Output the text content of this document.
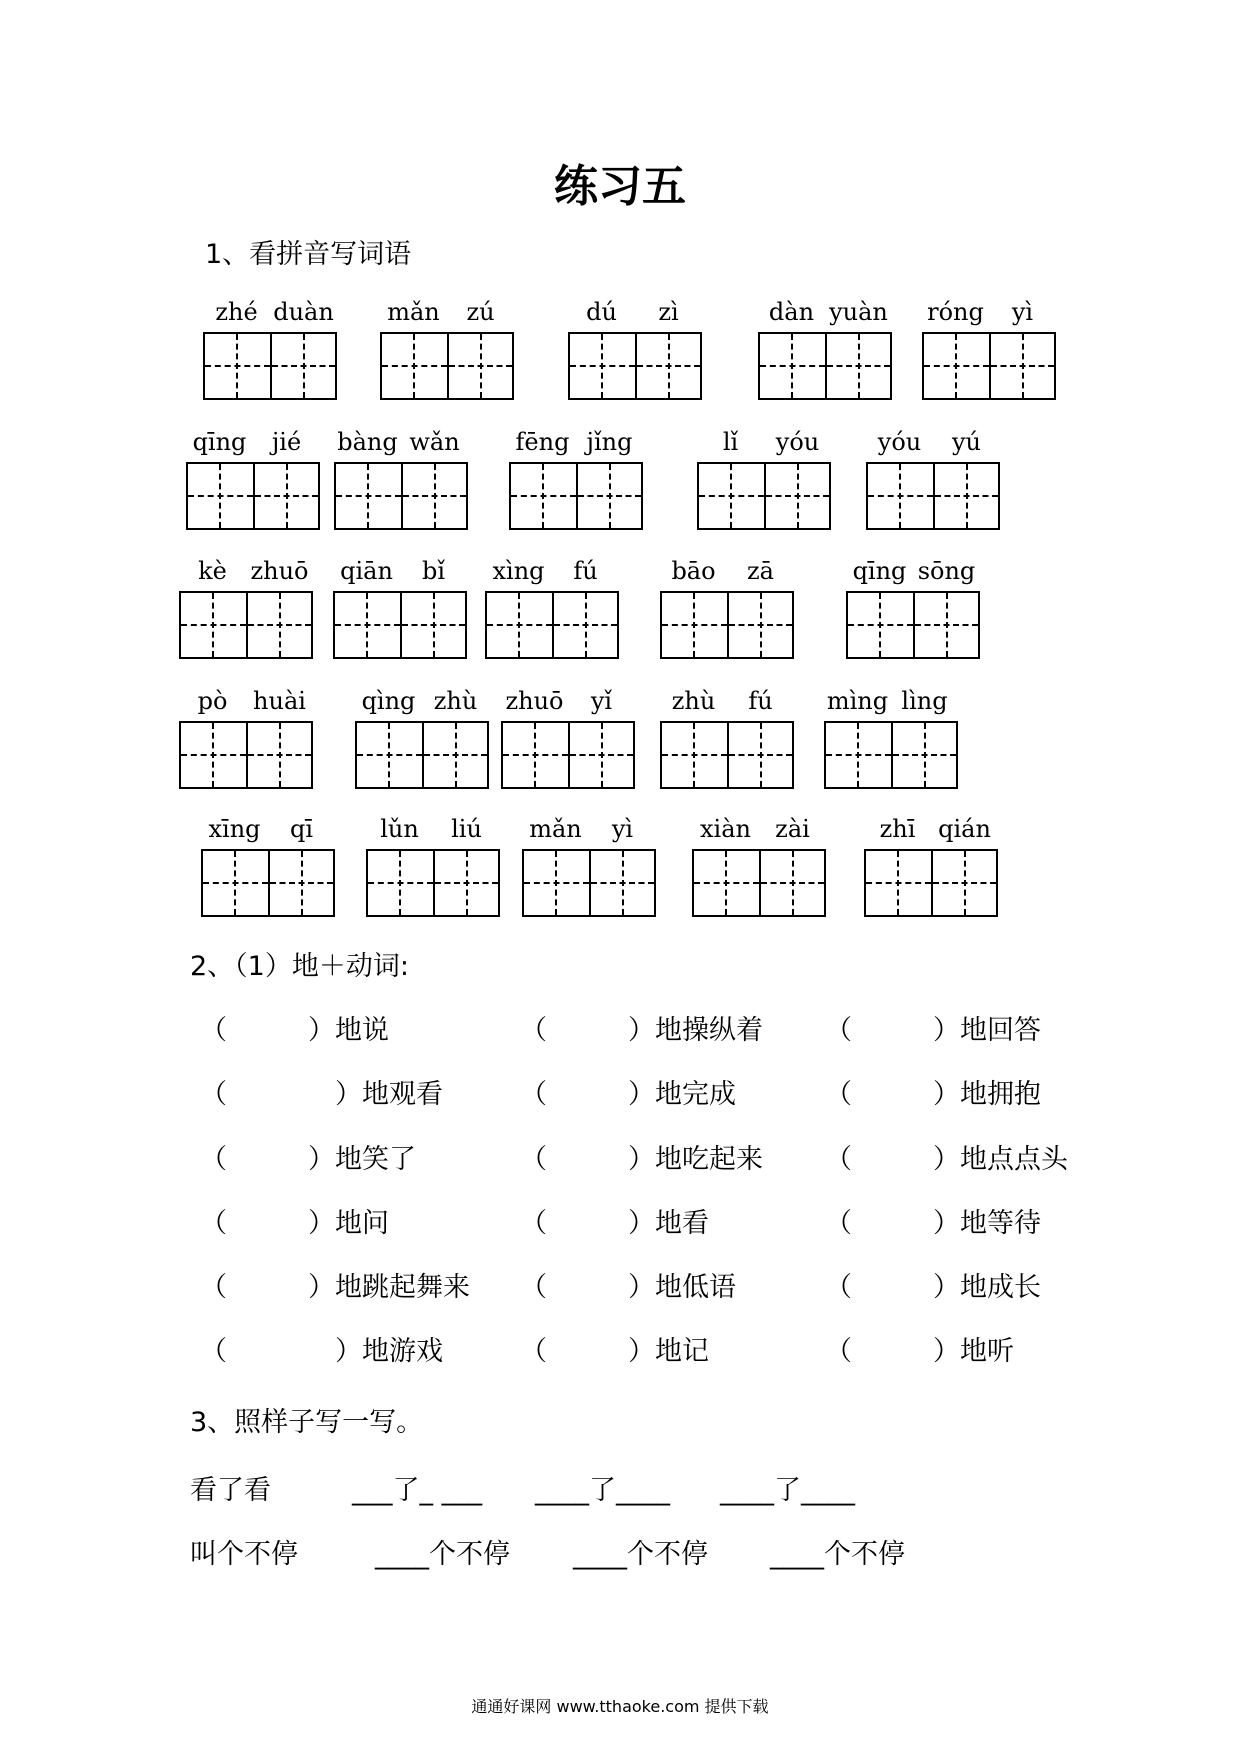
练习五
1、看拼音写词语
zhé duàn	mǎn	zú	dú	zì	dàn yuàn róng	yì
qīng	jié	bàng wǎn	fēng jǐng	lǐ	yóu	yóu	yú
kè zhuō qiān	bǐ	xìng	fú	bāo	zā	qīng sōng
pò	huài qìng zhù	zhuō	yǐ	zhù	fú	mìng lìng
xīng	qī	lǔn	liú	mǎn	yì	xiàn	zài	zhī qián
2、（1）地＋动词:
（　　　）地说	（　　　）地操纵着 （　　　）地回答
（　　　　）地观看	（　　　）地完成	（　　　）地拥抱
（　　　）地笑了	（　　　）地吃起来 （　　　）地点点头
（　　　）地问	（　　　）地看	（　　　）地等待
（　　　）地跳起舞来 （　　　）地低语	（　　　）地成长
（　　　　）地游戏	（　　　）地记	（　　　）地听
3、照样子写一写。
看了看	___了_ ___ ____了____ ____了____
叫个不停	____个不停 ____个不停 ____个不停
通通好课网 www.tthaoke.com 提供下载
